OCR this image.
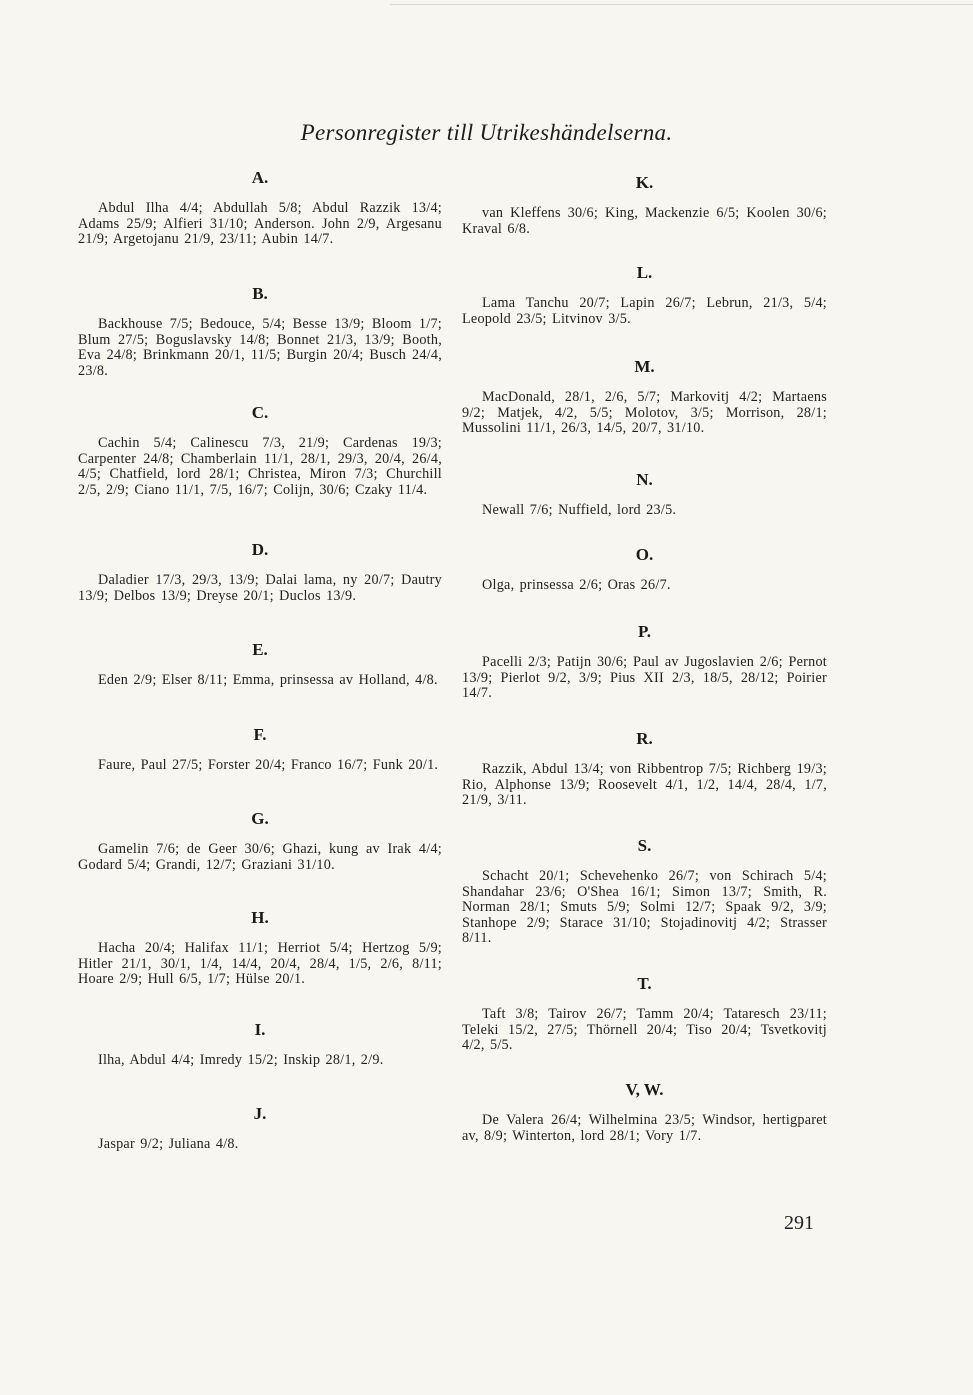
Personregister till Utrikeshändelserna.
A.

Abdul Ilha 4/4; Abdullah 5/8; Abdul Razzik 13/4; Adams 25/9; Alfieri 31/10; Anderson. John 2/9, Argesanu 21/9; Argetojanu 21/9, 23/11; Aubin 14/7.

B.

Backhouse 7/5; Bedouce, 5/4; Besse 13/9; Bloom 1/7; Blum 27/5; Boguslavsky 14/8; Bonnet 21/3, 13/9; Booth, Eva 24/8; Brinkmann 20/1, 11/5; Burgin 20/4; Busch 24/4, 23/8.

C.

Cachin 5/4; Calinescu 7/3, 21/9; Cardenas 19/3; Carpenter 24/8; Chamberlain 11/1, 28/1, 29/3, 20/4, 26/4, 4/5; Chatfield, lord 28/1; Christea, Miron 7/3; Churchill 2/5, 2/9; Ciano 11/1, 7/5, 16/7; Colijn, 30/6; Czaky 11/4.

D.

Daladier 17/3, 29/3, 13/9; Dalai lama, ny 20/7; Dautry 13/9; Delbos 13/9; Dreyse 20/1; Duclos 13/9.

E.

Eden 2/9; Elser 8/11; Emma, prinsessa av Holland, 4/8.

F.

Faure, Paul 27/5; Forster 20/4; Franco 16/7; Funk 20/1.

G.

Gamelin 7/6; de Geer 30/6; Ghazi, kung av Irak 4/4; Godard 5/4; Grandi, 12/7; Graziani 31/10.

H.

Hacha 20/4; Halifax 11/1; Herriot 5/4; Hertzog 5/9; Hitler 21/1, 30/1, 1/4, 14/4, 20/4, 28/4, 1/5, 2/6, 8/11; Hoare 2/9; Hull 6/5, 1/7; Hülse 20/1.

I.

Ilha, Abdul 4/4; Imredy 15/2; Inskip 28/1, 2/9.

J.

Jaspar 9/2; Juliana 4/8.

K.

van Kleffens 30/6; King, Mackenzie 6/5; Koolen 30/6; Kraval 6/8.

L.

Lama Tanchu 20/7; Lapin 26/7; Lebrun, 21/3, 5/4; Leopold 23/5; Litvinov 3/5.

M.

MacDonald, 28/1, 2/6, 5/7; Markovitj 4/2; Martaens 9/2; Matjek, 4/2, 5/5; Molotov, 3/5; Morrison, 28/1; Mussolini 11/1, 26/3, 14/5, 20/7, 31/10.

N.

Newall 7/6; Nuffield, lord 23/5.

O.

Olga, prinsessa 2/6; Oras 26/7.

P.

Pacelli 2/3; Patijn 30/6; Paul av Jugoslavien 2/6; Pernot 13/9; Pierlot 9/2, 3/9; Pius XII 2/3, 18/5, 28/12; Poirier 14/7.

R.

Razzik, Abdul 13/4; von Ribbentrop 7/5; Richberg 19/3; Rio, Alphonse 13/9; Roosevelt 4/1, 1/2, 14/4, 28/4, 1/7, 21/9, 3/11.

S.

Schacht 20/1; Schevehenko 26/7; von Schirach 5/4; Shandahar 23/6; O'Shea 16/1; Simon 13/7; Smith, R. Norman 28/1; Smuts 5/9; Solmi 12/7; Spaak 9/2, 3/9; Stanhope 2/9; Starace 31/10; Stojadinovitj 4/2; Strasser 8/11.

T.

Taft 3/8; Tairov 26/7; Tamm 20/4; Tataresch 23/11; Teleki 15/2, 27/5; Thörnell 20/4; Tiso 20/4; Tsvetkovitj 4/2, 5/5.

V, W.

De Valera 26/4; Wilhelmina 23/5; Windsor, hertigparet av, 8/9; Winterton, lord 28/1; Vory 1/7.

291
